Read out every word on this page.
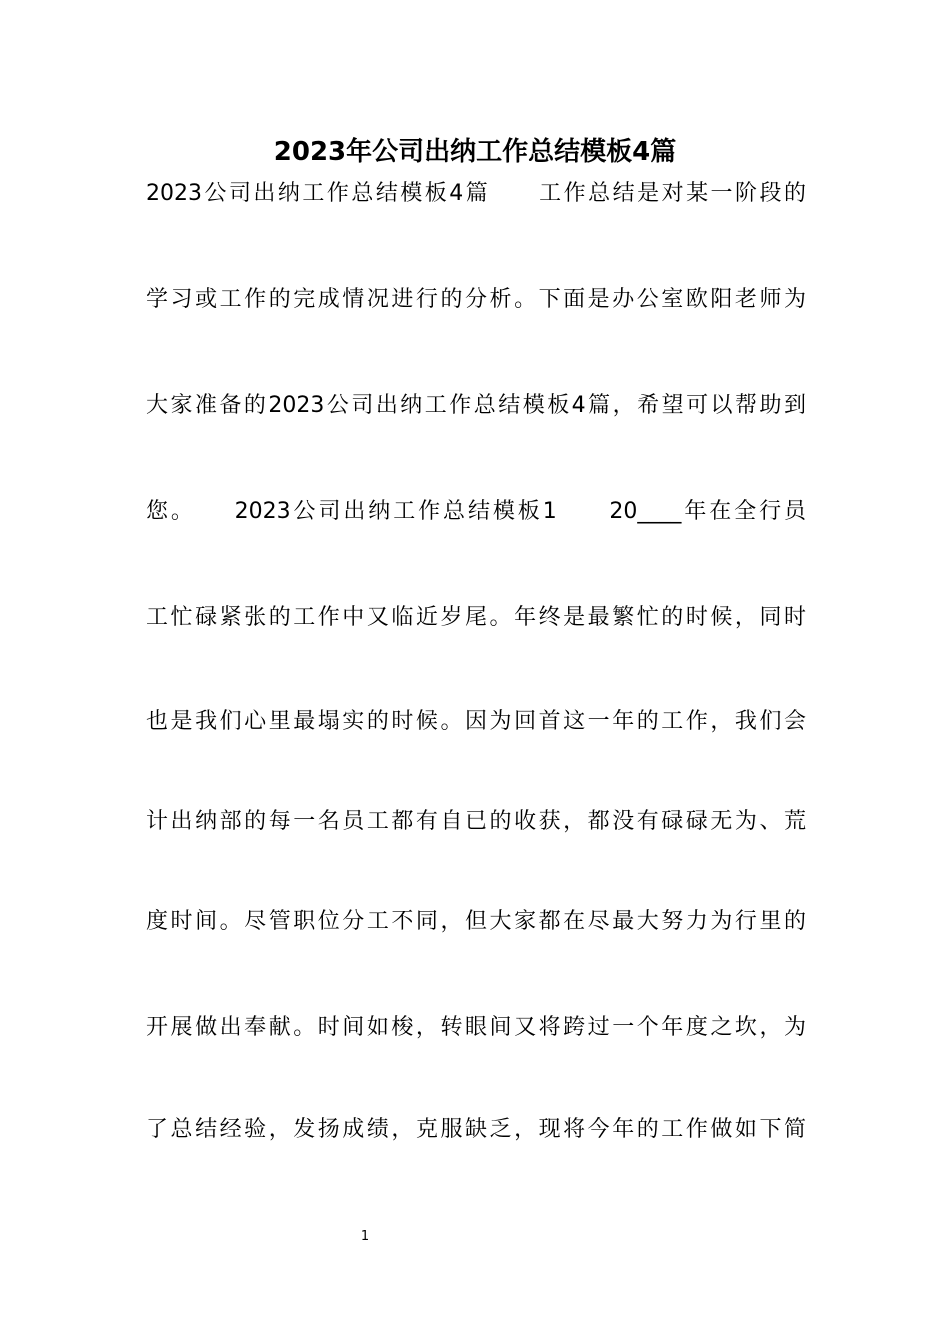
2023年公司出纳工作总结模板4篇
2023公司出纳工作总结模板4篇　　工作总结是对某一阶段的
学习或工作的完成情况进行的分析。下面是办公室欧阳老师为
大家准备的2023公司出纳工作总结模板4篇，希望可以帮助到
您。　　2023公司出纳工作总结模板1　　20____年在全行员
工忙碌紧张的工作中又临近岁尾。年终是最繁忙的时候，同时
也是我们心里最塌实的时候。因为回首这一年的工作，我们会
计出纳部的每一名员工都有自已的收获，都没有碌碌无为、荒
度时间。尽管职位分工不同，但大家都在尽最大努力为行里的
开展做出奉献。时间如梭，转眼间又将跨过一个年度之坎，为
了总结经验，发扬成绩，克服缺乏，现将今年的工作做如下简
1
